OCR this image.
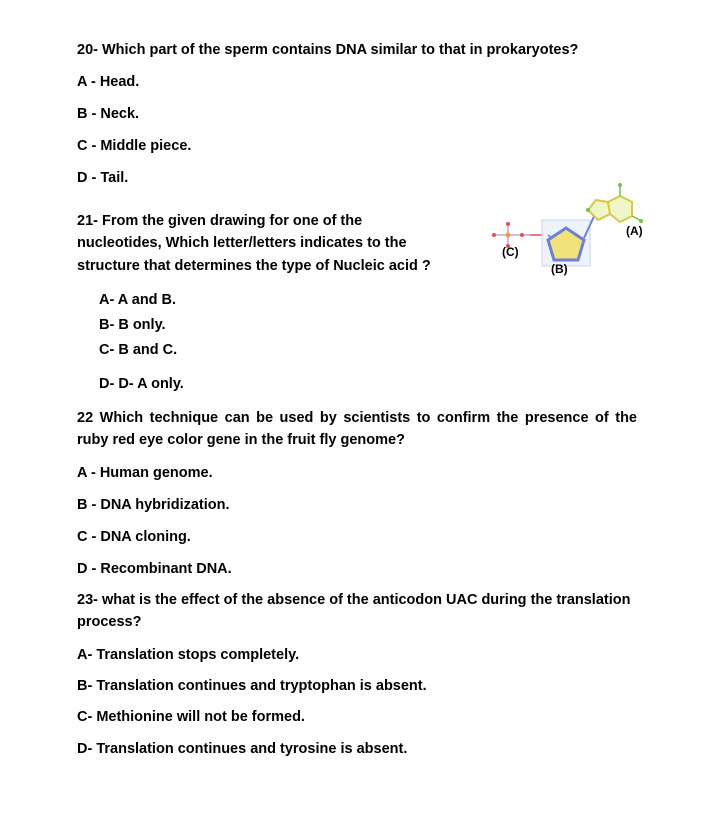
20- Which part of the sperm contains DNA similar to that in prokaryotes?
A - Head.
B - Neck.
C - Middle piece.
D - Tail.
21- From the given drawing for one of the
nucleotides, Which letter/letters indicates to the
structure that determines the type of Nucleic acid ?
(C)
(B)
(A)
A- A and B.
B- B only.
C- B and C.
D- D- A only.
22 Which technique can be used by scientists to confirm the presence of the ruby red eye color gene in the fruit fly genome?
A - Human genome.
B - DNA hybridization.
C - DNA cloning.
D - Recombinant DNA.
23- what is the effect of the absence of the anticodon UAC during the translation
process?
A- Translation stops completely.
B- Translation continues and tryptophan is absent.
C- Methionine will not be formed.
D- Translation continues and tyrosine is absent.
